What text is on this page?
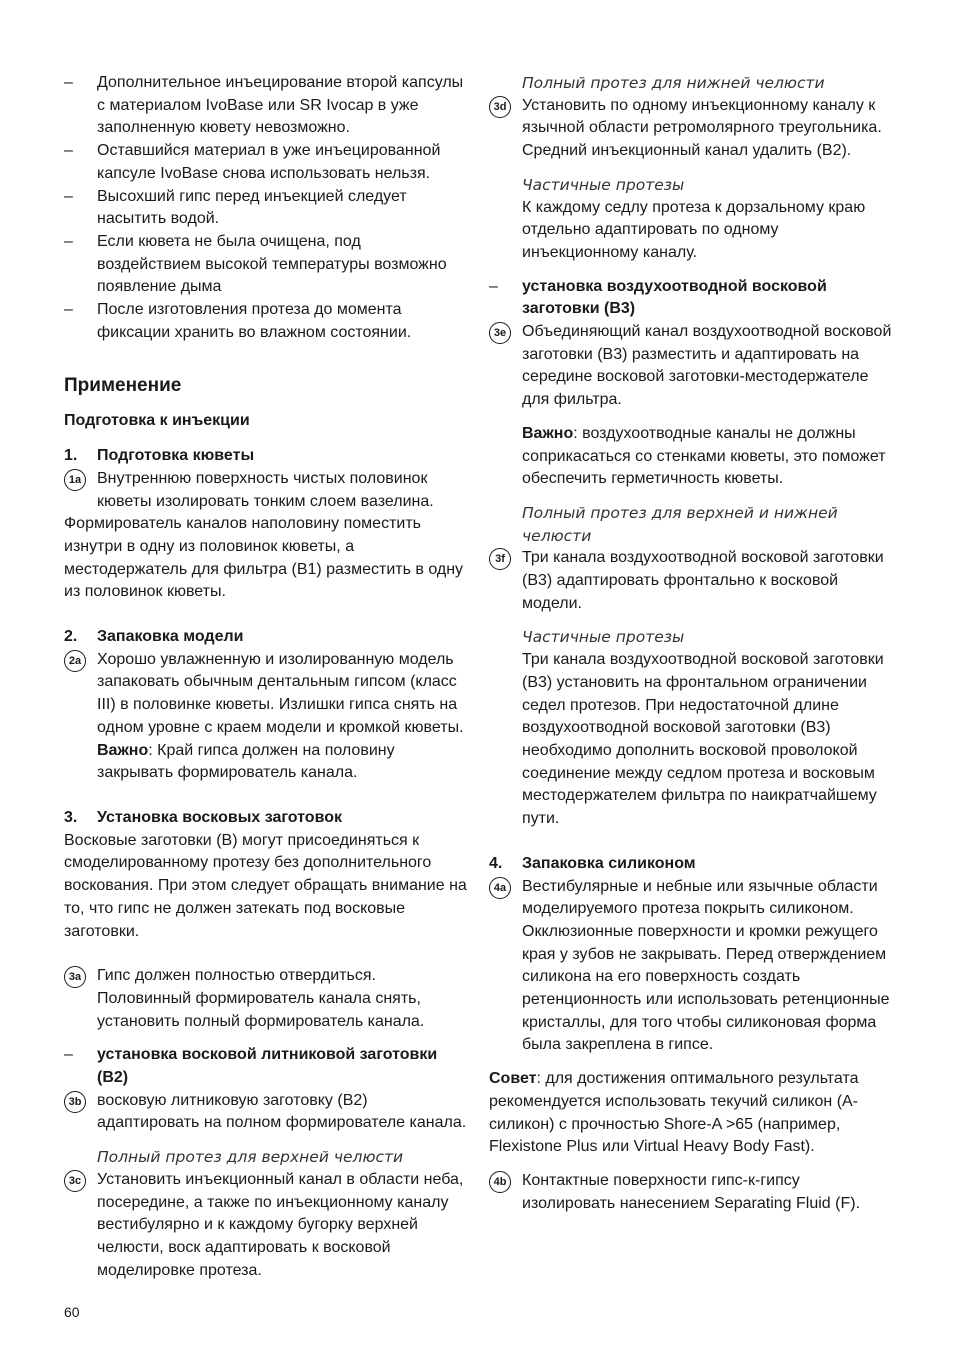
– Дополнительное инъецирование второй капсулы с материалом IvoBase или SR Ivocap в уже заполненную кювету невозможно.

– Оставшийся материал в уже инъецированной капсуле IvoBase снова использовать нельзя.

– Высохший гипс перед инъекцией следует насытить водой.

– Если кювета не была очищена, под воздействием высокой температуры возможно появление дыма

– После изготовления протеза до момента фиксации хранить во влажном состоянии.

Применение

Подготовка к инъекции

1. Подготовка кюветы

1a Внутреннюю поверхность чистых половинок кюветы изолировать тонким слоем вазелина. Формирователь каналов наполовину поместить изнутри в одну из половинок кюветы, а местодержатель для фильтра (B1) разместить в одну из половинок кюветы.

2. Запаковка модели

2a Хорошо увлажненную и изолированную модель запаковать обычным дентальным гипсом (класс III) в половинке кюветы. Излишки гипса снять на одном уровне с краем модели и кромкой кюветы. Важно: Край гипса должен на половину закрывать формирователь канала.

3. Установка восковых заготовок

Восковые заготовки (B) могут присоединяться к смоделированному протезу без дополнительного воскования. При этом следует обращать внимание на то, что гипс не должен затекать под восковые заготовки.

3a Гипс должен полностью отвердиться. Половинный формирователь канала снять, установить полный формирователь канала.

– установка восковой литниковой заготовки (B2)

3b восковую литниковую заготовку (B2) адаптировать на полном формирователе канала.

Полный протез для верхней челюсти

3c Установить инъекционный канал в области неба, посередине, а также по инъекционному каналу вестибулярно и к каждому бугорку верхней челюсти, воск адаптировать к восковой моделировке протеза.

Полный протез для нижней челюсти

3d Установить по одному инъекционному каналу к язычной области ретромолярного треугольника. Средний инъекционный канал удалить (B2).

Частичные протезы

К каждому седлу протеза к дорзальному краю отдельно адаптировать по одному инъекционному каналу.

– установка воздухоотводной восковой заготовки (B3)

3e Объединяющий канал воздухоотводной восковой заготовки (B3) разместить и адаптировать на середине восковой заготовки-местодержателе для фильтра.

Важно: воздухоотводные каналы не должны соприкасаться со стенками кюветы, это поможет обеспечить герметичность кюветы.

Полный протез для верхней и нижней челюсти

3f	Три канала воздухоотводной восковой заготовки (B3) адаптировать фронтально к восковой модели.

Частичные протезы

Три канала воздухоотводной восковой заготовки (B3) установить на фронтальном ограничении седел протезов. При недостаточной длине воздухоотводной восковой заготовки (B3) необходимо дополнить восковой проволокой соединение между седлом протеза и восковым местодержателем фильтра по наикратчайшему пути.

4. Запаковка силиконом

4a Вестибулярные и небные или язычные области моделируемого протеза покрыть силиконом. Окклюзионные поверхности и кромки режущего края у зубов не закрывать. Перед отверждением силикона на его поверхность создать ретенционность или использовать ретенционные кристаллы, для того чтобы силиконовая форма была закреплена в гипсе.

Совет: для достижения оптимального результата рекомендуется использовать текучий силикон (A-силикон) с прочностью Shore-A >65 (например, Flexistone Plus или Virtual Heavy Body Fast).

4b Контактные поверхности гипс-к-гипсу изолировать нанесением Separating Fluid (F).

60
